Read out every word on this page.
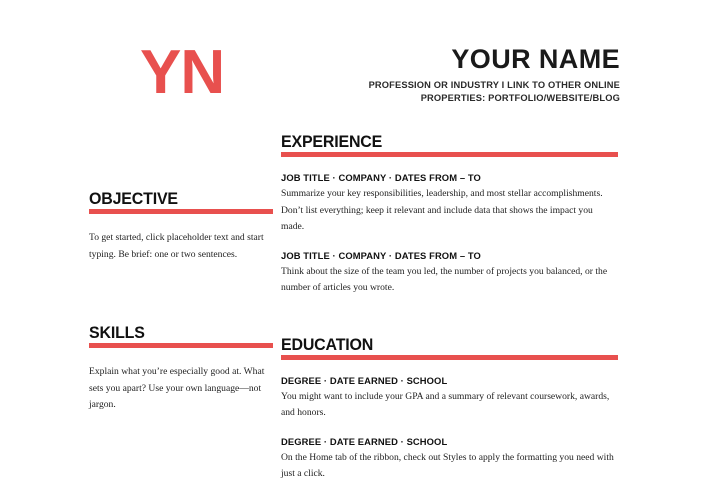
YN	YOUR NAME
PROFESSION OR INDUSTRY I LINK TO OTHER ONLINE
PROPERTIES: PORTFOLIO/WEBSITE/BLOG
OBJECTIVE
To get started, click placeholder text and start typing. Be brief: one or two sentences.
SKILLS
Explain what you’re especially good at. What sets you apart? Use your own language—not jargon.
EXPERIENCE
JOB TITLE · COMPANY · DATES FROM – TO
Summarize your key responsibilities, leadership, and most stellar accomplishments. Don’t list everything; keep it relevant and include data that shows the impact you made.
JOB TITLE · COMPANY · DATES FROM – TO
Think about the size of the team you led, the number of projects you balanced, or the number of articles you wrote.
EDUCATION
DEGREE · DATE EARNED · SCHOOL
You might want to include your GPA and a summary of relevant coursework, awards, and honors.
DEGREE · DATE EARNED · SCHOOL
On the Home tab of the ribbon, check out Styles to apply the formatting you need with just a click.
